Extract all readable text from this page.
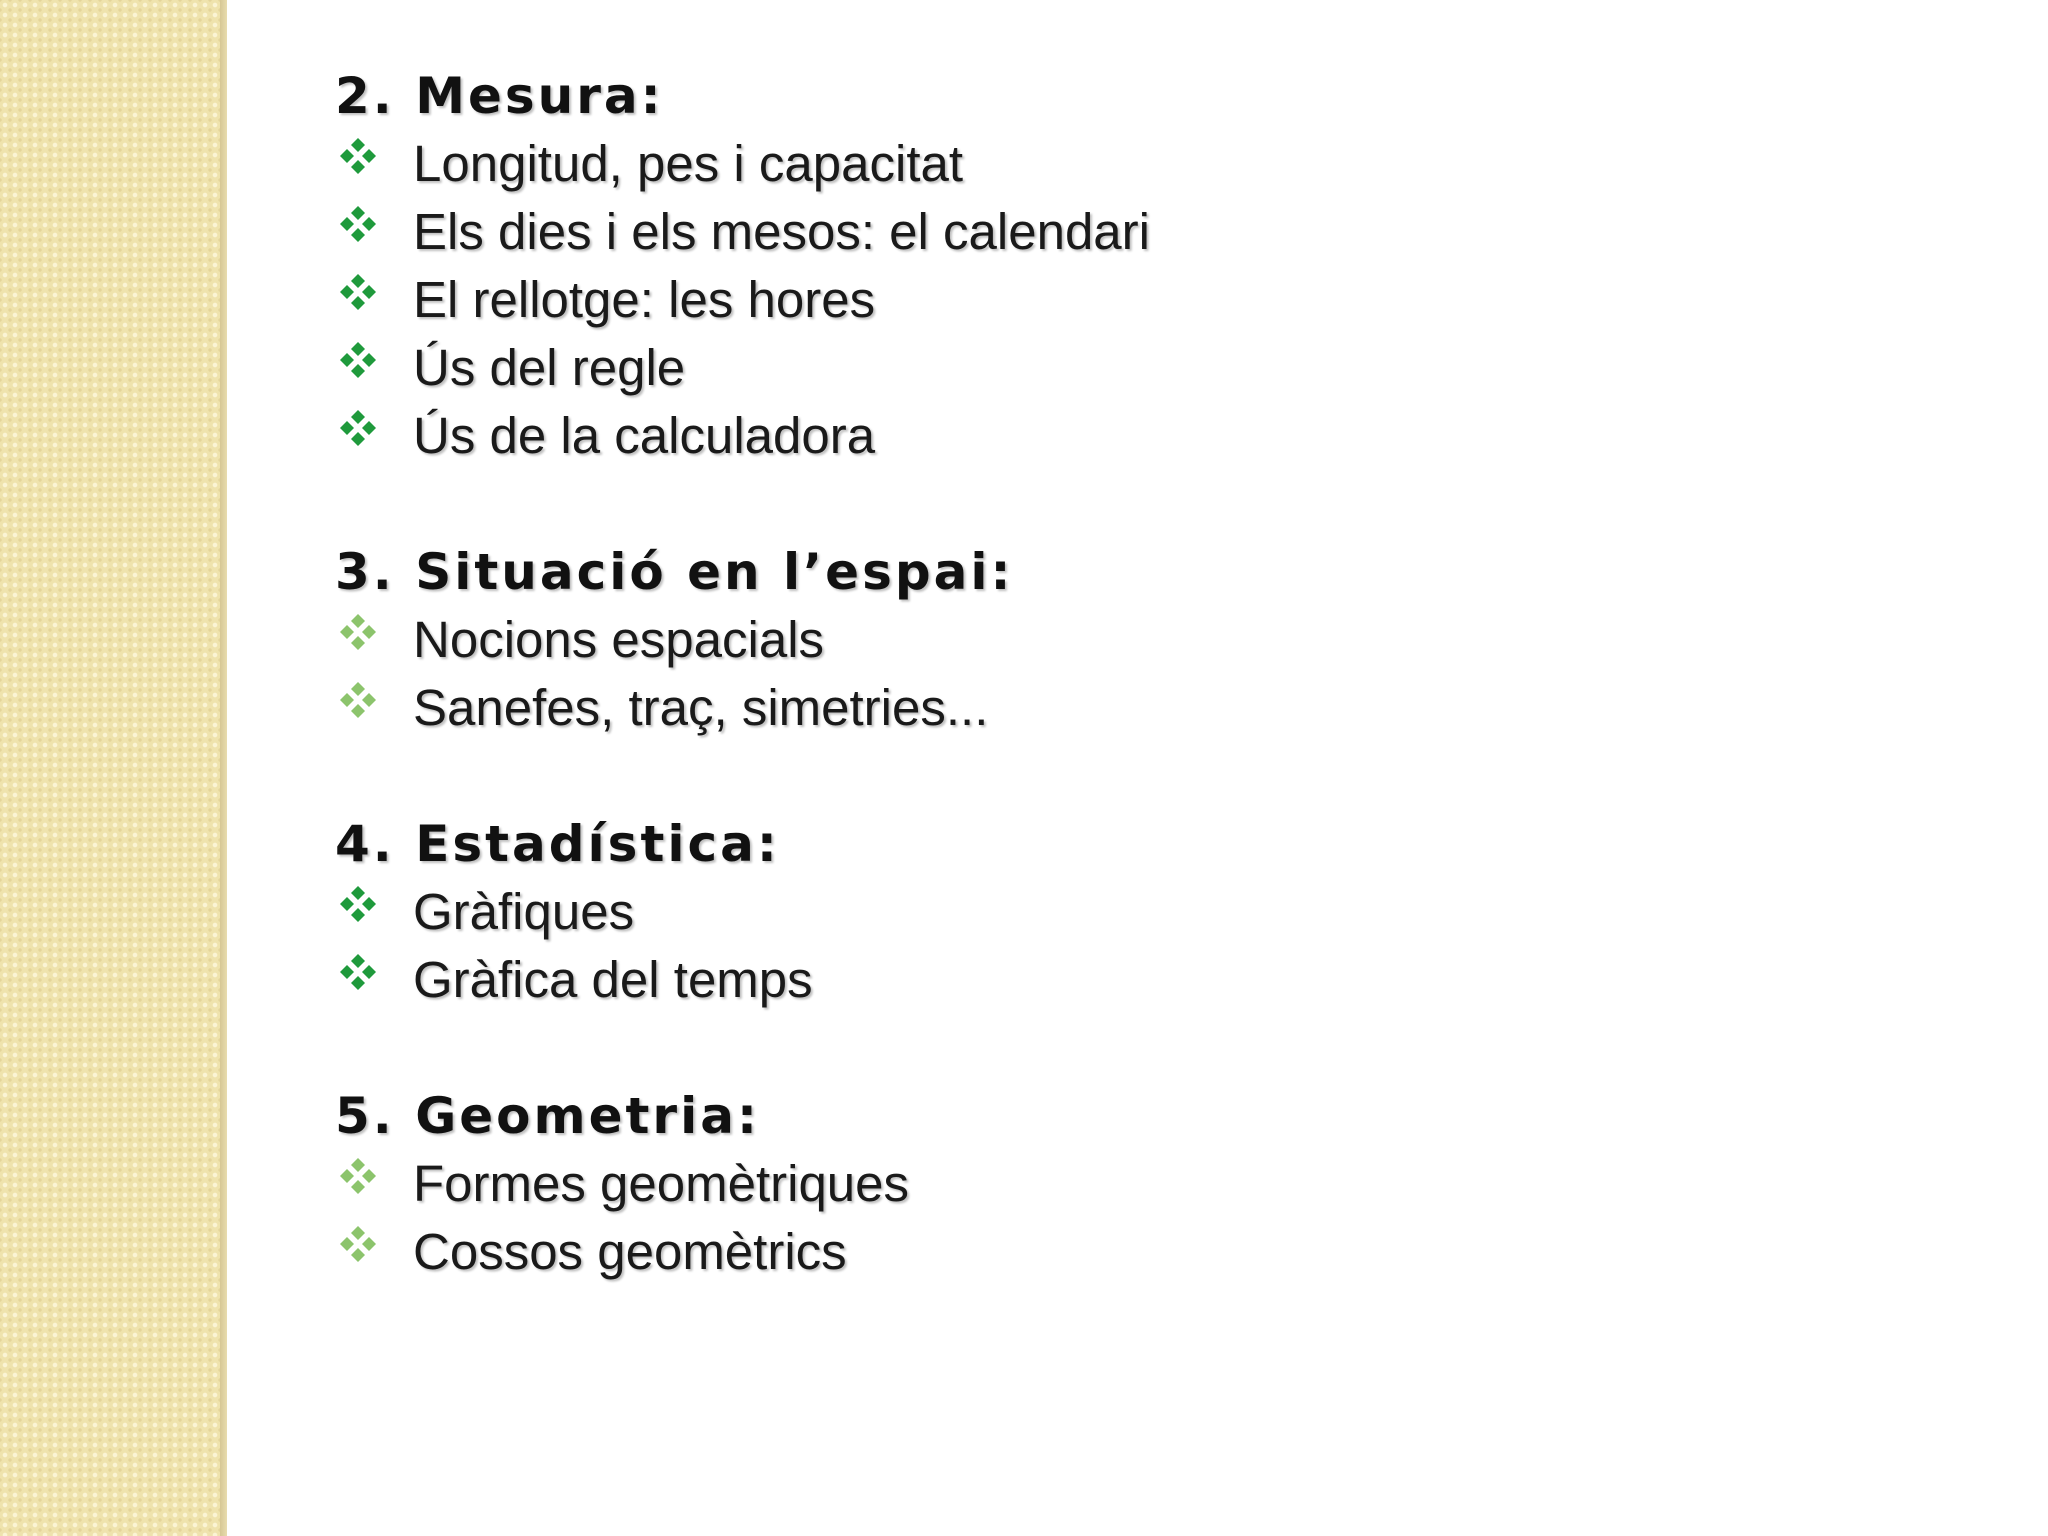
2. Mesura:
Longitud, pes i capacitat
Els dies i els mesos: el calendari
El rellotge: les hores
Ús del regle
Ús de la calculadora
3. Situació en l’espai:
Nocions espacials
Sanefes, traç, simetries...
4. Estadística:
Gràfiques
Gràfica del temps
5. Geometria:
Formes geomètriques
Cossos geomètrics
